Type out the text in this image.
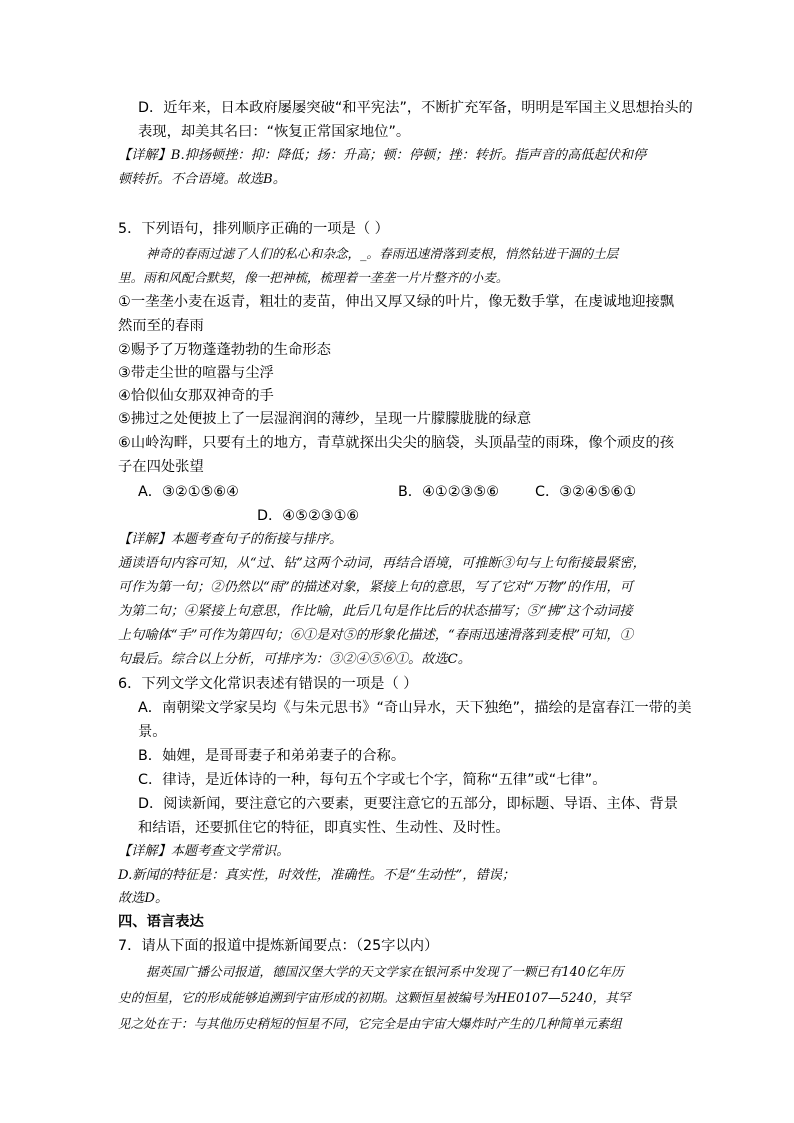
D．近年来，日本政府屡屡突破“和平宪法”，不断扩充军备，明明是军国主义思想抬头的
表现，却美其名曰：“恢复正常国家地位”。
【详解】B.抑扬顿挫：抑：降低；扬：升高；顿：停顿；挫：转折。指声音的高低起伏和停
顿转折。不合语境。故选B。
5．下列语句，排列顺序正确的一项是（ ）
神奇的春雨过滤了人们的私心和杂念，_。春雨迅速滑落到麦根，悄然钻进干涸的土层
里。雨和风配合默契，像一把神梳，梳理着一垄垄一片片整齐的小麦。
①一垄垄小麦在返青，粗壮的麦苗，伸出又厚又绿的叶片，像无数手掌，在虔诚地迎接飘
然而至的春雨
②赐予了万物蓬蓬勃勃的生命形态
③带走尘世的喧嚣与尘浮
④恰似仙女那双神奇的手
⑤拂过之处便披上了一层湿润润的薄纱，呈现一片朦朦胧胧的绿意
⑥山岭沟畔，只要有土的地方，青草就探出尖尖的脑袋，头顶晶莹的雨珠，像个顽皮的孩
子在四处张望
A．③②①⑤⑥④	B．④①②③⑤⑥	C．③②④⑤⑥①
D．④⑤②③①⑥
【详解】本题考查句子的衔接与排序。
通读语句内容可知，从“过、钻”这两个动词，再结合语境，可推断③句与上句衔接最紧密，
可作为第一句；②仍然以“雨”的描述对象，紧接上句的意思，写了它对“万物”的作用，可
为第二句；④紧接上句意思，作比喻，此后几句是作比后的状态描写；⑤“拂”这个动词接
上句喻体“手”可作为第四句；⑥①是对⑤的形象化描述，“春雨迅速滑落到麦根”可知，①
句最后。综合以上分析，可排序为：③②④⑤⑥①。故选C。
6．下列文学文化常识表述有错误的一项是（ ）
A．南朝梁文学家吴均《与朱元思书》“奇山异水，天下独绝”，描绘的是富春江一带的美
景。
B．妯娌，是哥哥妻子和弟弟妻子的合称。
C．律诗，是近体诗的一种，每句五个字或七个字，简称“五律”或“七律”。
D．阅读新闻，要注意它的六要素，更要注意它的五部分，即标题、导语、主体、背景
和结语，还要抓住它的特征，即真实性、生动性、及时性。
【详解】本题考查文学常识。
D.新闻的特征是：真实性，时效性，准确性。不是“生动性”，错误；
故选D。
四、语言表达
7．请从下面的报道中提炼新闻要点：（25字以内）
据英国广播公司报道，德国汉堡大学的天文学家在银河系中发现了一颗已有140亿年历
史的恒星，它的形成能够追溯到宇宙形成的初期。这颗恒星被编号为HE0107—5240，其罕
见之处在于：与其他历史稍短的恒星不同，它完全是由宇宙大爆炸时产生的几种简单元素组
